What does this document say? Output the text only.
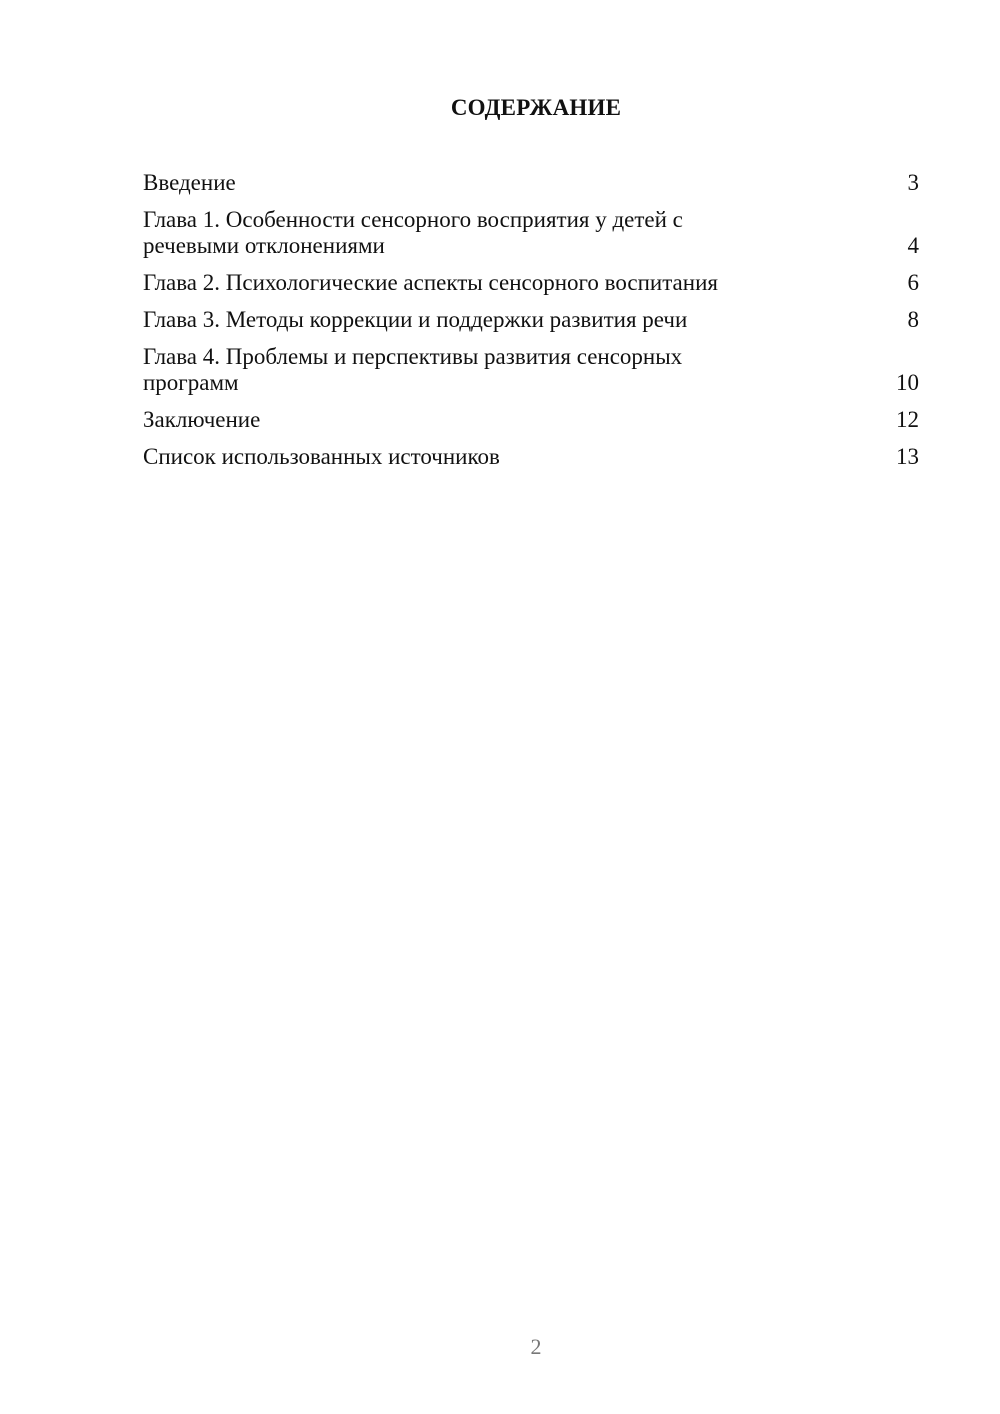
СОДЕРЖАНИЕ
Введение	3
Глава 1. Особенности сенсорного восприятия у детей с речевыми отклонениями	4
Глава 2. Психологические аспекты сенсорного воспитания	6
Глава 3. Методы коррекции и поддержки развития речи	8
Глава 4. Проблемы и перспективы развития сенсорных программ	10
Заключение	12
Список использованных источников	13
2
